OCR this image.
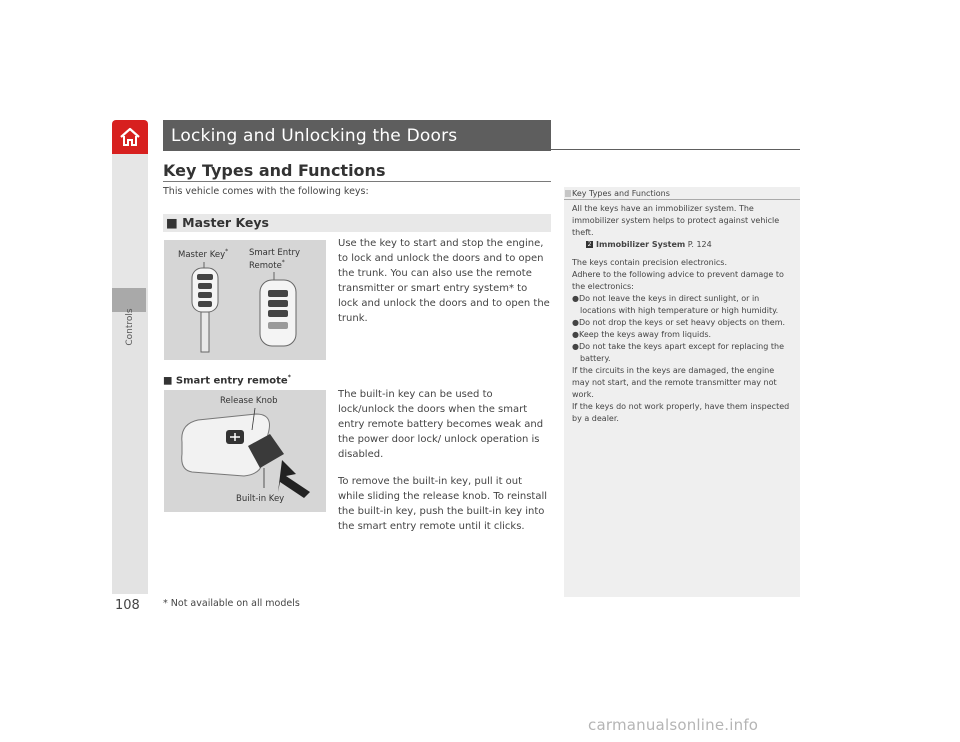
Controls
Locking and Unlocking the Doors
Key Types and Functions
This vehicle comes with the following keys:
■ Master Keys
Master Key* Smart Entry
Remote*
Use the key to start and stop the engine, to lock and unlock the doors and to open the trunk. You can also use the remote transmitter or smart entry system* to lock and unlock the doors and to open the trunk.
■ Smart entry remote*
Release Knob
Built-in Key
The built-in key can be used to lock/unlock the doors when the smart entry remote battery becomes weak and the power door lock/ unlock operation is disabled.
To remove the built-in key, pull it out while sliding the release knob. To reinstall the built-in key, push the built-in key into the smart entry remote until it clicks.
Key Types and Functions

All the keys have an immobilizer system. The immobilizer system helps to protect against vehicle theft.

2 Immobilizer System P. 124

The keys contain precision electronics.

Adhere to the following advice to prevent damage to the electronics:

●Do not leave the keys in direct sunlight, or in locations with high temperature or high humidity.

●Do not drop the keys or set heavy objects on them.

●Keep the keys away from liquids.

●Do not take the keys apart except for replacing the battery.

If the circuits in the keys are damaged, the engine may not start, and the remote transmitter may not work.

If the keys do not work properly, have them inspected by a dealer.

108 * Not available on all models
carmanualsonline.info
